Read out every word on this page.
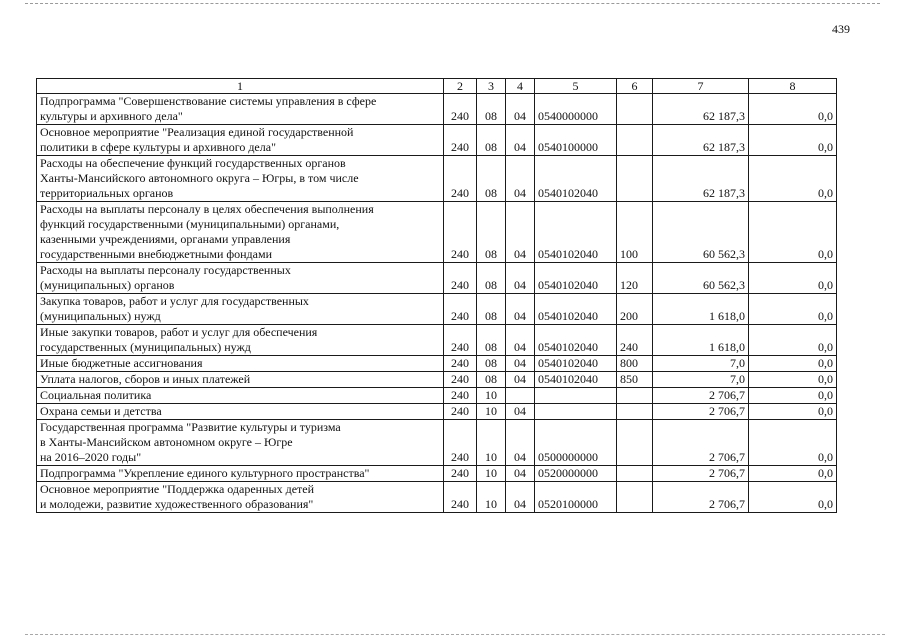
439
1	2	3	4	5	6	7	8
Подпрограмма "Совершенствование системы управления в сфере
культуры и архивного дела"	240	08	04	0540000000		62 187,3	0,0
Основное мероприятие "Реализация единой государственной
политики в сфере культуры и архивного дела"	240	08	04	0540100000		62 187,3	0,0
Расходы на обеспечение функций государственных органов
Ханты-Мансийского автономного округа – Югры, в том числе
территориальных органов	240	08	04	0540102040		62 187,3	0,0
Расходы на выплаты персоналу в целях обеспечения выполнения
функций государственными (муниципальными) органами,
казенными учреждениями, органами управления
государственными внебюджетными фондами	240	08	04	0540102040	100	60 562,3	0,0
Расходы на выплаты персоналу государственных
(муниципальных) органов	240	08	04	0540102040	120	60 562,3	0,0
Закупка товаров, работ и услуг для государственных
(муниципальных) нужд	240	08	04	0540102040	200	1 618,0	0,0
Иные закупки товаров, работ и услуг для обеспечения
государственных (муниципальных) нужд	240	08	04	0540102040	240	1 618,0	0,0
Иные бюджетные ассигнования	240	08	04	0540102040	800	7,0	0,0
Уплата налогов, сборов и иных платежей	240	08	04	0540102040	850	7,0	0,0
Социальная политика	240	10				2 706,7	0,0
Охрана семьи и детства	240	10	04			2 706,7	0,0
Государственная программа "Развитие культуры и туризма
в Ханты-Мансийском автономном округе – Югре
на 2016–2020 годы"	240	10	04	0500000000		2 706,7	0,0
Подпрограмма "Укрепление единого культурного пространства"	240	10	04	0520000000		2 706,7	0,0
Основное мероприятие "Поддержка одаренных детей
и молодежи, развитие художественного образования"	240	10	04	0520100000		2 706,7	0,0
